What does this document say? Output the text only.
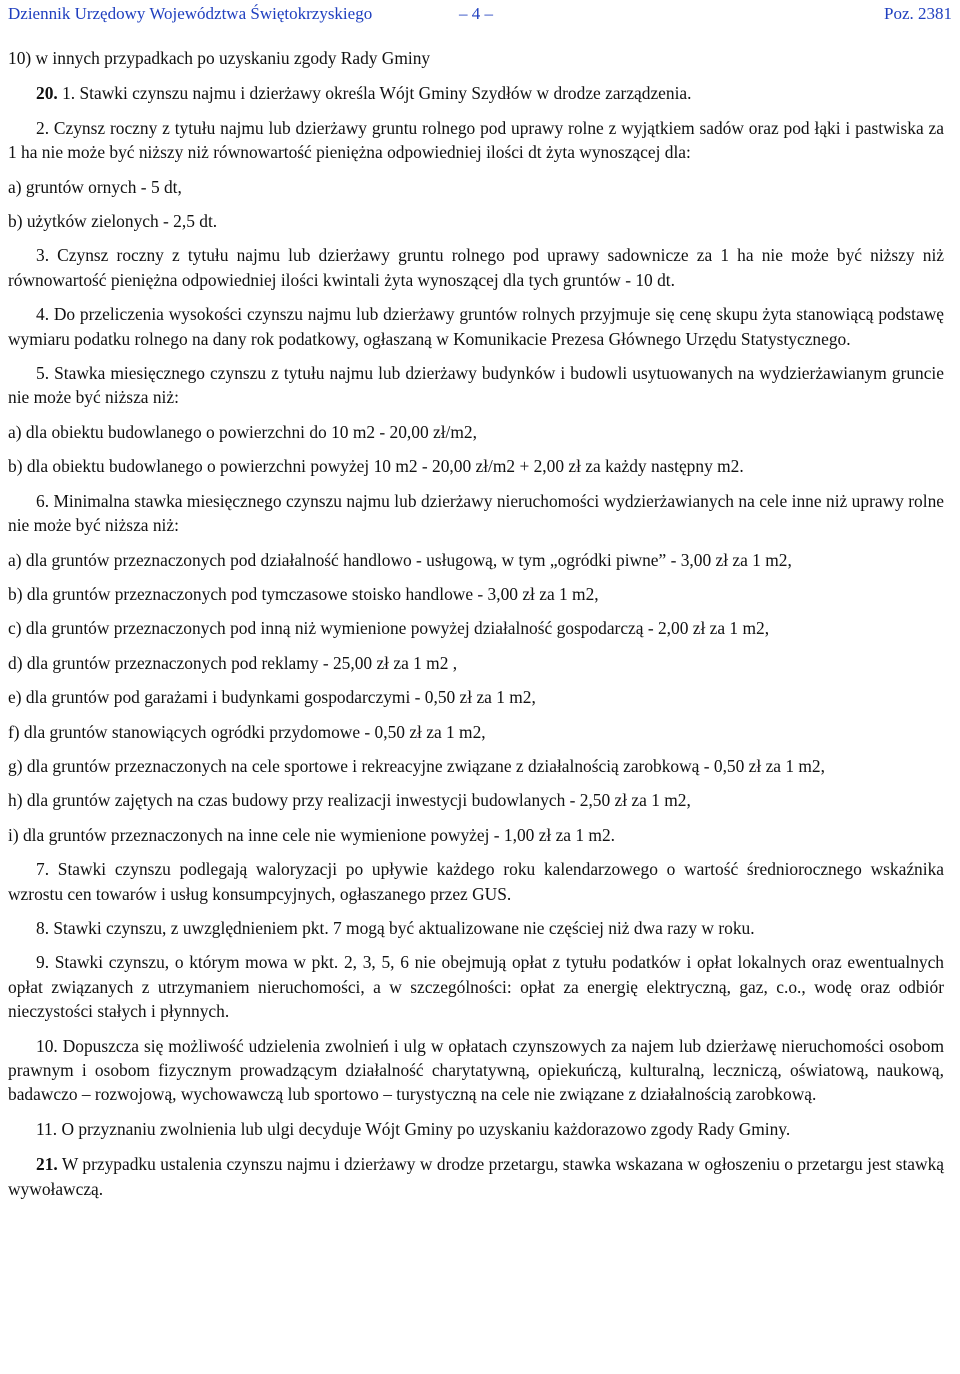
Dziennik Urzędowy Województwa Świętokrzyskiego	– 4 –	Poz. 2381

10) w innych przypadkach po uzyskaniu zgody Rady Gminy

20. 1. Stawki czynszu najmu i dzierżawy określa Wójt Gminy Szydłów w drodze zarządzenia.

2. Czynsz roczny z tytułu najmu lub dzierżawy gruntu rolnego pod uprawy rolne z wyjątkiem sadów oraz pod łąki i pastwiska za 1 ha nie może być niższy niż równowartość pieniężna odpowiedniej ilości dt żyta wynoszącej dla:

a) gruntów ornych - 5 dt,

b) użytków zielonych - 2,5 dt.

3. Czynsz roczny z tytułu najmu lub dzierżawy gruntu rolnego pod uprawy sadownicze za 1 ha nie może być niższy niż równowartość pieniężna odpowiedniej ilości kwintali żyta wynoszącej dla tych gruntów - 10 dt.

4. Do przeliczenia wysokości czynszu najmu lub dzierżawy gruntów rolnych przyjmuje się cenę skupu żyta stanowiącą podstawę wymiaru podatku rolnego na dany rok podatkowy, ogłaszaną w Komunikacie Prezesa Głównego Urzędu Statystycznego.

5. Stawka miesięcznego czynszu z tytułu najmu lub dzierżawy budynków i budowli usytuowanych na wydzierżawianym gruncie nie może być niższa niż:

a) dla obiektu budowlanego o powierzchni do 10 m2 - 20,00 zł/m2,

b) dla obiektu budowlanego o powierzchni powyżej 10 m2 - 20,00 zł/m2 + 2,00 zł za każdy następny m2.

6. Minimalna stawka miesięcznego czynszu najmu lub dzierżawy nieruchomości wydzierżawianych na cele inne niż uprawy rolne nie może być niższa niż:

a) dla gruntów przeznaczonych pod działalność handlowo - usługową, w tym „ogródki piwne” - 3,00 zł za 1 m2,

b) dla gruntów przeznaczonych pod tymczasowe stoisko handlowe - 3,00 zł za 1 m2,

c) dla gruntów przeznaczonych pod inną niż wymienione powyżej działalność gospodarczą - 2,00 zł za 1 m2,

d) dla gruntów przeznaczonych pod reklamy - 25,00 zł za 1 m2 ,

e) dla gruntów pod garażami i budynkami gospodarczymi - 0,50 zł za 1 m2,

f) dla gruntów stanowiących ogródki przydomowe - 0,50 zł za 1 m2,

g) dla gruntów przeznaczonych na cele sportowe i rekreacyjne związane z działalnością zarobkową - 0,50 zł za 1 m2,

h) dla gruntów zajętych na czas budowy przy realizacji inwestycji budowlanych - 2,50 zł za 1 m2,

i) dla gruntów przeznaczonych na inne cele nie wymienione powyżej - 1,00 zł za 1 m2.

7. Stawki czynszu podlegają waloryzacji po upływie każdego roku kalendarzowego o wartość średniorocznego wskaźnika wzrostu cen towarów i usług konsumpcyjnych, ogłaszanego przez GUS.

8. Stawki czynszu, z uwzględnieniem pkt. 7 mogą być aktualizowane nie częściej niż dwa razy w roku.

9. Stawki czynszu, o którym mowa w pkt. 2, 3, 5, 6 nie obejmują opłat z tytułu podatków i opłat lokalnych oraz ewentualnych opłat związanych z utrzymaniem nieruchomości, a w szczególności: opłat za energię elektryczną, gaz, c.o., wodę oraz odbiór nieczystości stałych i płynnych.

10. Dopuszcza się możliwość udzielenia zwolnień i ulg w opłatach czynszowych za najem lub dzierżawę nieruchomości osobom prawnym i osobom fizycznym prowadzącym działalność charytatywną, opiekuńczą, kulturalną, leczniczą, oświatową, naukową, badawczo – rozwojową, wychowawczą lub sportowo – turystyczną na cele nie związane z działalnością zarobkową.

11. O przyznaniu zwolnienia lub ulgi decyduje Wójt Gminy po uzyskaniu każdorazowo zgody Rady Gminy.

21. W przypadku ustalenia czynszu najmu i dzierżawy w drodze przetargu, stawka wskazana w ogłoszeniu o przetargu jest stawką wywoławczą.
